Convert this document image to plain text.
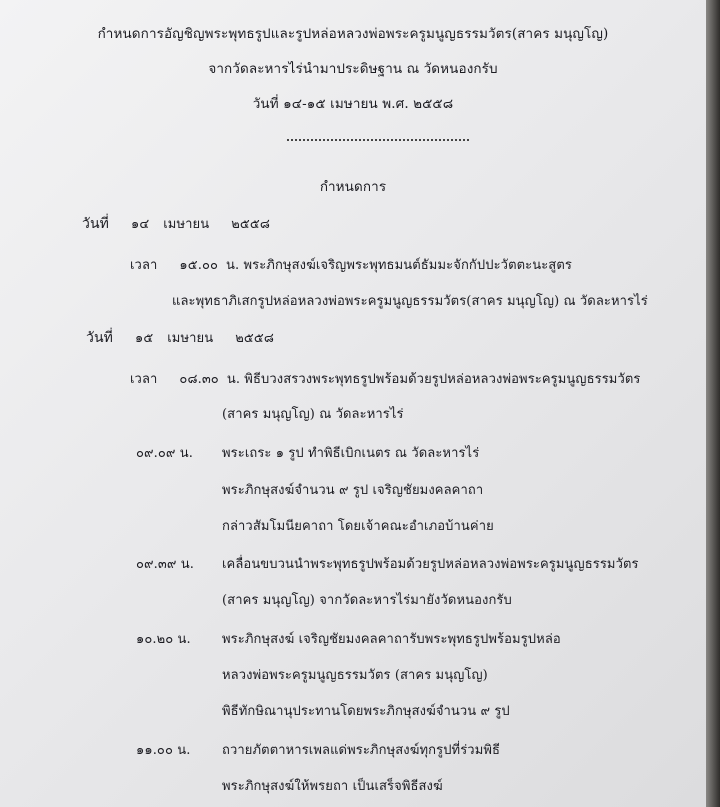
กำหนดการอัญชิญพระพุทธรูปและรูปหล่อหลวงพ่อพระครูมนูญธรรมวัตร(สาคร มนุญโญ)
จากวัดละหารไร่นำมาประดิษฐาน ณ วัดหนองกรับ
วันที่ ๑๔-๑๕ เมษายน พ.ศ. ๒๕๕๘
กำหนดการ
วันที่ ๑๔ เมษายน ๒๕๕๘
เวลา ๑๕.๐๐ น. พระภิกษุสงฆ์เจริญพระพุทธมนต์ธัมมะจักกัปปะวัตตะนะสูตร
และพุทธาภิเสกรูปหล่อหลวงพ่อพระครูมนูญธรรมวัตร(สาคร มนุญโญ) ณ วัดละหารไร่
วันที่ ๑๕ เมษายน ๒๕๕๘
เวลา ๐๘.๓๐ น. พิธีบวงสรวงพระพุทธรูปพร้อมด้วยรูปหล่อหลวงพ่อพระครูมนูญธรรมวัตร
(สาคร มนุญโญ) ณ วัดละหารไร่
๐๙.๐๙ น. พระเถระ ๑ รูป ทำพิธีเบิกเนตร ณ วัดละหารไร่
พระภิกษุสงฆ์จำนวน ๙ รูป เจริญชัยมงคลคาถา
กล่าวสัมโมนียคาถา โดยเจ้าคณะอำเภอบ้านค่าย
๐๙.๓๙ น. เคลื่อนขบวนนำพระพุทธรูปพร้อมด้วยรูปหล่อหลวงพ่อพระครูมนูญธรรมวัตร
(สาคร มนุญโญ) จากวัดละหารไร่มายังวัดหนองกรับ
๑๐.๒๐ น. พระภิกษุสงฆ์ เจริญชัยมงคลคาถารับพระพุทธรูปพร้อมรูปหล่อ
หลวงพ่อพระครูมนูญธรรมวัตร (สาคร มนุญโญ)
พิธีทักษิณานุประทานโดยพระภิกษุสงฆ์จำนวน ๙ รูป
๑๑.๐๐ น. ถวายภัตตาหารเพลแด่พระภิกษุสงฆ์ทุกรูปที่ร่วมพิธี
พระภิกษุสงฆ์ให้พรยถา เป็นเสร็จพิธีสงฆ์
